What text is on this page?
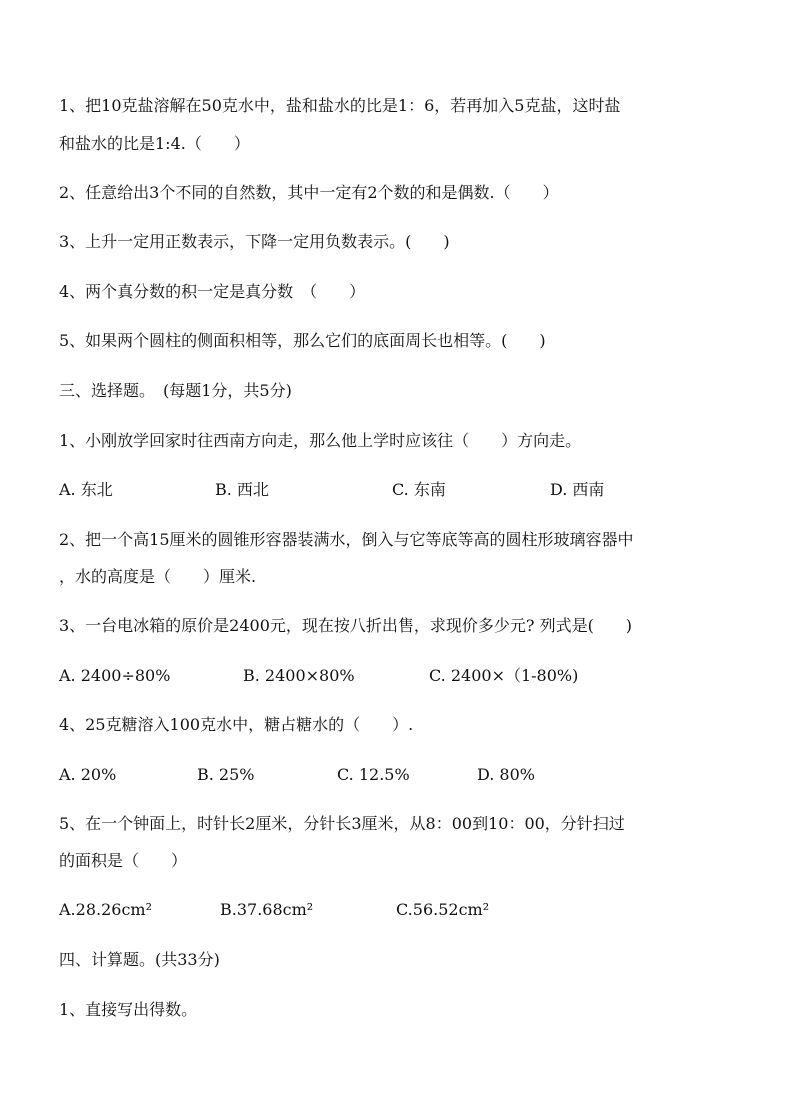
1、把10克盐溶解在50克水中，盐和盐水的比是1：6，若再加入5克盐，这时盐
和盐水的比是1:4.（　　）
2、任意给出3个不同的自然数，其中一定有2个数的和是偶数.（　　）
3、上升一定用正数表示，下降一定用负数表示。(　　)
4、两个真分数的积一定是真分数　（　　）
5、如果两个圆柱的侧面积相等，那么它们的底面周长也相等。(　　)
三、选择题。　(每题1分，共5分)
1、小刚放学回家时往西南方向走，那么他上学时应该往（　　）方向走。

A. 东北

	B. 西北

	C. 东南

	D. 西南

2、把一个高15厘米的圆锥形容器装满水，倒入与它等底等高的圆柱形玻璃容器中
，水的高度是（　　）厘米.
3、一台电冰箱的原价是2400元，现在按八折出售，求现价多少元? 列式是(　　)

A. 2400÷80%

	B. 2400×80%

	C. 2400×（1-80%)

4、25克糖溶入100克水中，糖占糖水的（　　）.

A. 20%

	B. 25%

	C. 12.5%

	D. 80%

5、在一个钟面上，时针长2厘米，分针长3厘米，从8：00到10：00，分针扫过
的面积是（　　）

A.28.26cm²

	B.37.68cm²

	C.56.52cm²

四、计算题。(共33分)
1、直接写出得数。
